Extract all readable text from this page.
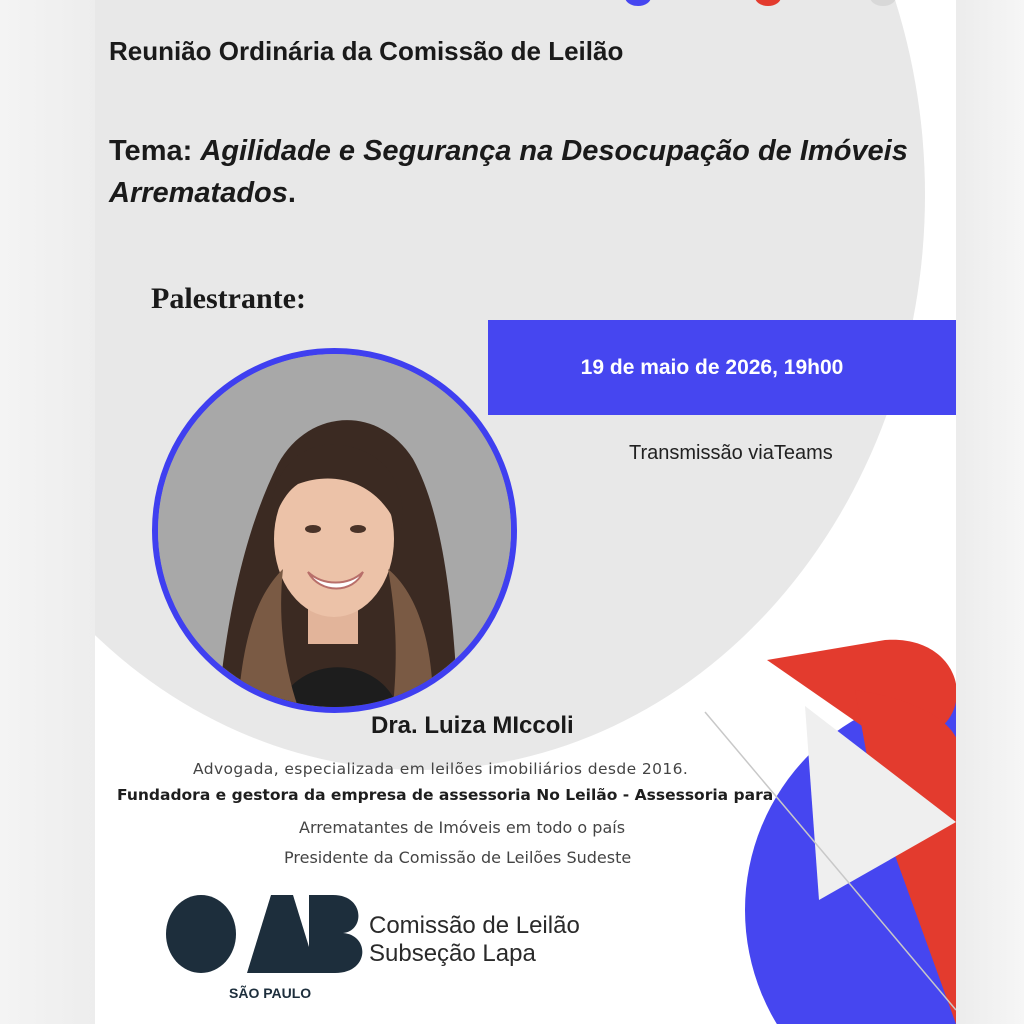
Reunião Ordinária da Comissão de Leilão
Tema: Agilidade e Segurança na Desocupação de Imóveis Arrematados.
Palestrante:
19 de maio de 2026, 19h00
Transmissão viaTeams
Dra. Luiza MIccoli
Advogada, especializada em leilões imobiliários desde 2016.
Fundadora e gestora da empresa de assessoria No Leilão - Assessoria para
Arrematantes de Imóveis em todo o país
Presidente da Comissão de Leilões Sudeste
SÃO PAULO
Comissão de Leilão
Subseção Lapa
